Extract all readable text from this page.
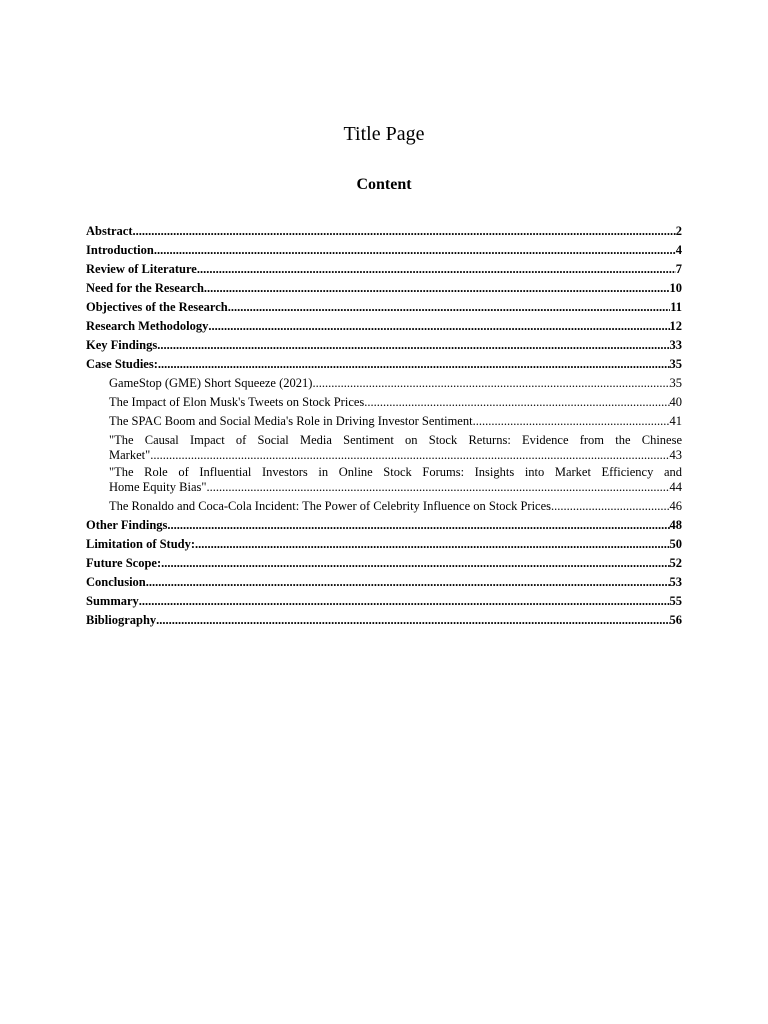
Title Page
Content
Abstract .....	2
Introduction .....	4
Review of Literature .....	7
Need for the Research .....	10
Objectives of the Research .....	11
Research Methodology .....	12
Key Findings .....	33
Case Studies: .....	35
GameStop (GME) Short Squeeze (2021) .....	35
The Impact of Elon Musk's Tweets on Stock Prices .....	40
The SPAC Boom and Social Media's Role in Driving Investor Sentiment .....	41
"The Causal Impact of Social Media Sentiment on Stock Returns: Evidence from the Chinese
Market" .....	43
"The Role of Influential Investors in Online Stock Forums: Insights into Market Efficiency and
Home Equity Bias" .....	44
The Ronaldo and Coca-Cola Incident: The Power of Celebrity Influence on Stock Prices .....	46
Other Findings .....	48
Limitation of Study: .....	50
Future Scope: .....	52
Conclusion .....	53
Summary .....	55
Bibliography .....	56
